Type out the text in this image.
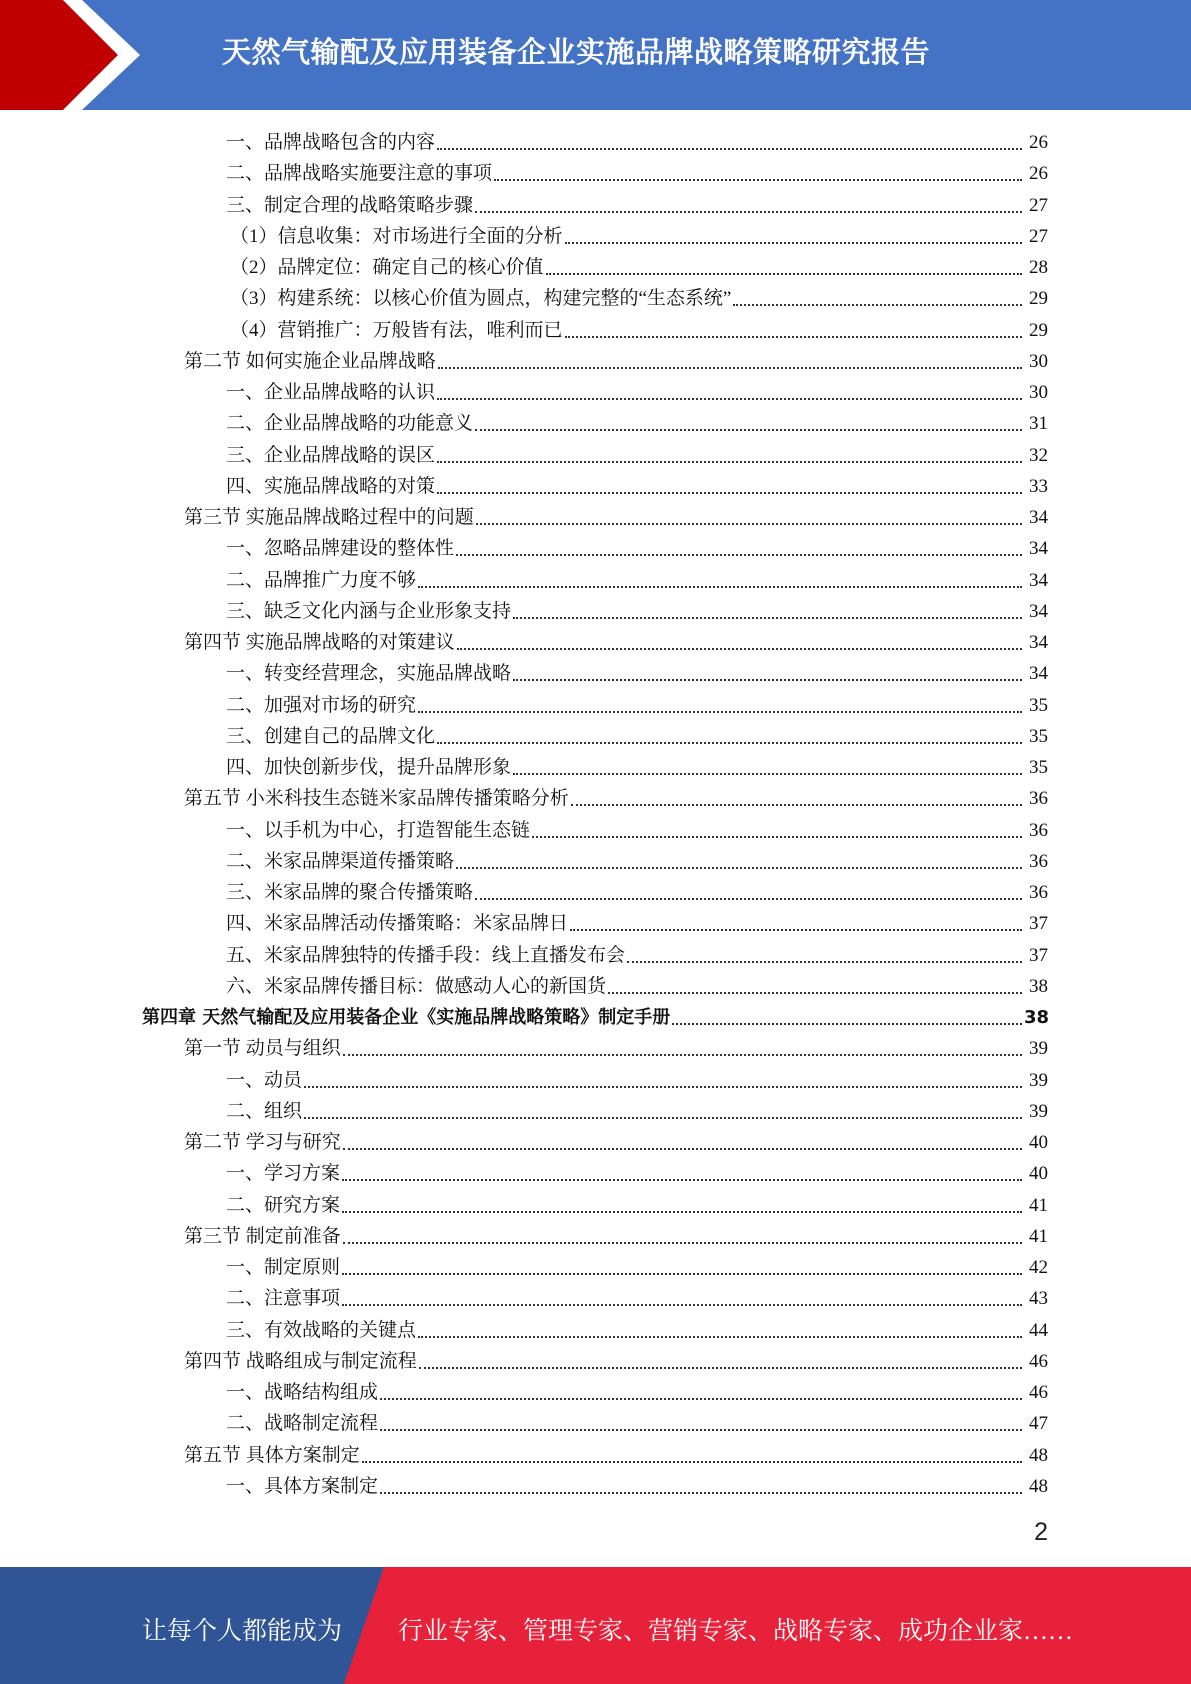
天然气输配及应用装备企业实施品牌战略策略研究报告
一、品牌战略包含的内容	26
二、品牌战略实施要注意的事项	26
三、制定合理的战略策略步骤	27
（1）信息收集：对市场进行全面的分析	27
（2）品牌定位：确定自己的核心价值	28
（3）构建系统：以核心价值为圆点，构建完整的“生态系统”	29
（4）营销推广：万般皆有法，唯利而已	29
第二节 如何实施企业品牌战略	30
一、企业品牌战略的认识	30
二、企业品牌战略的功能意义	31
三、企业品牌战略的误区	32
四、实施品牌战略的对策	33
第三节 实施品牌战略过程中的问题	34
一、忽略品牌建设的整体性	34
二、品牌推广力度不够	34
三、缺乏文化内涵与企业形象支持	34
第四节 实施品牌战略的对策建议	34
一、转变经营理念，实施品牌战略	34
二、加强对市场的研究	35
三、创建自己的品牌文化	35
四、加快创新步伐，提升品牌形象	35
第五节 小米科技生态链米家品牌传播策略分析	36
一、以手机为中心，打造智能生态链	36
二、米家品牌渠道传播策略	36
三、米家品牌的聚合传播策略	36
四、米家品牌活动传播策略：米家品牌日	37
五、米家品牌独特的传播手段：线上直播发布会	37
六、米家品牌传播目标：做感动人心的新国货	38
第四章 天然气输配及应用装备企业《实施品牌战略策略》制定手册	38
第一节 动员与组织	39
一、动员	39
二、组织	39
第二节 学习与研究	40
一、学习方案	40
二、研究方案	41
第三节 制定前准备	41
一、制定原则	42
二、注意事项	43
三、有效战略的关键点	44
第四节 战略组成与制定流程	46
一、战略结构组成	46
二、战略制定流程	47
第五节 具体方案制定	48
一、具体方案制定	48
2
让每个人都能成为 行业专家、管理专家、营销专家、战略专家、成功企业家……
